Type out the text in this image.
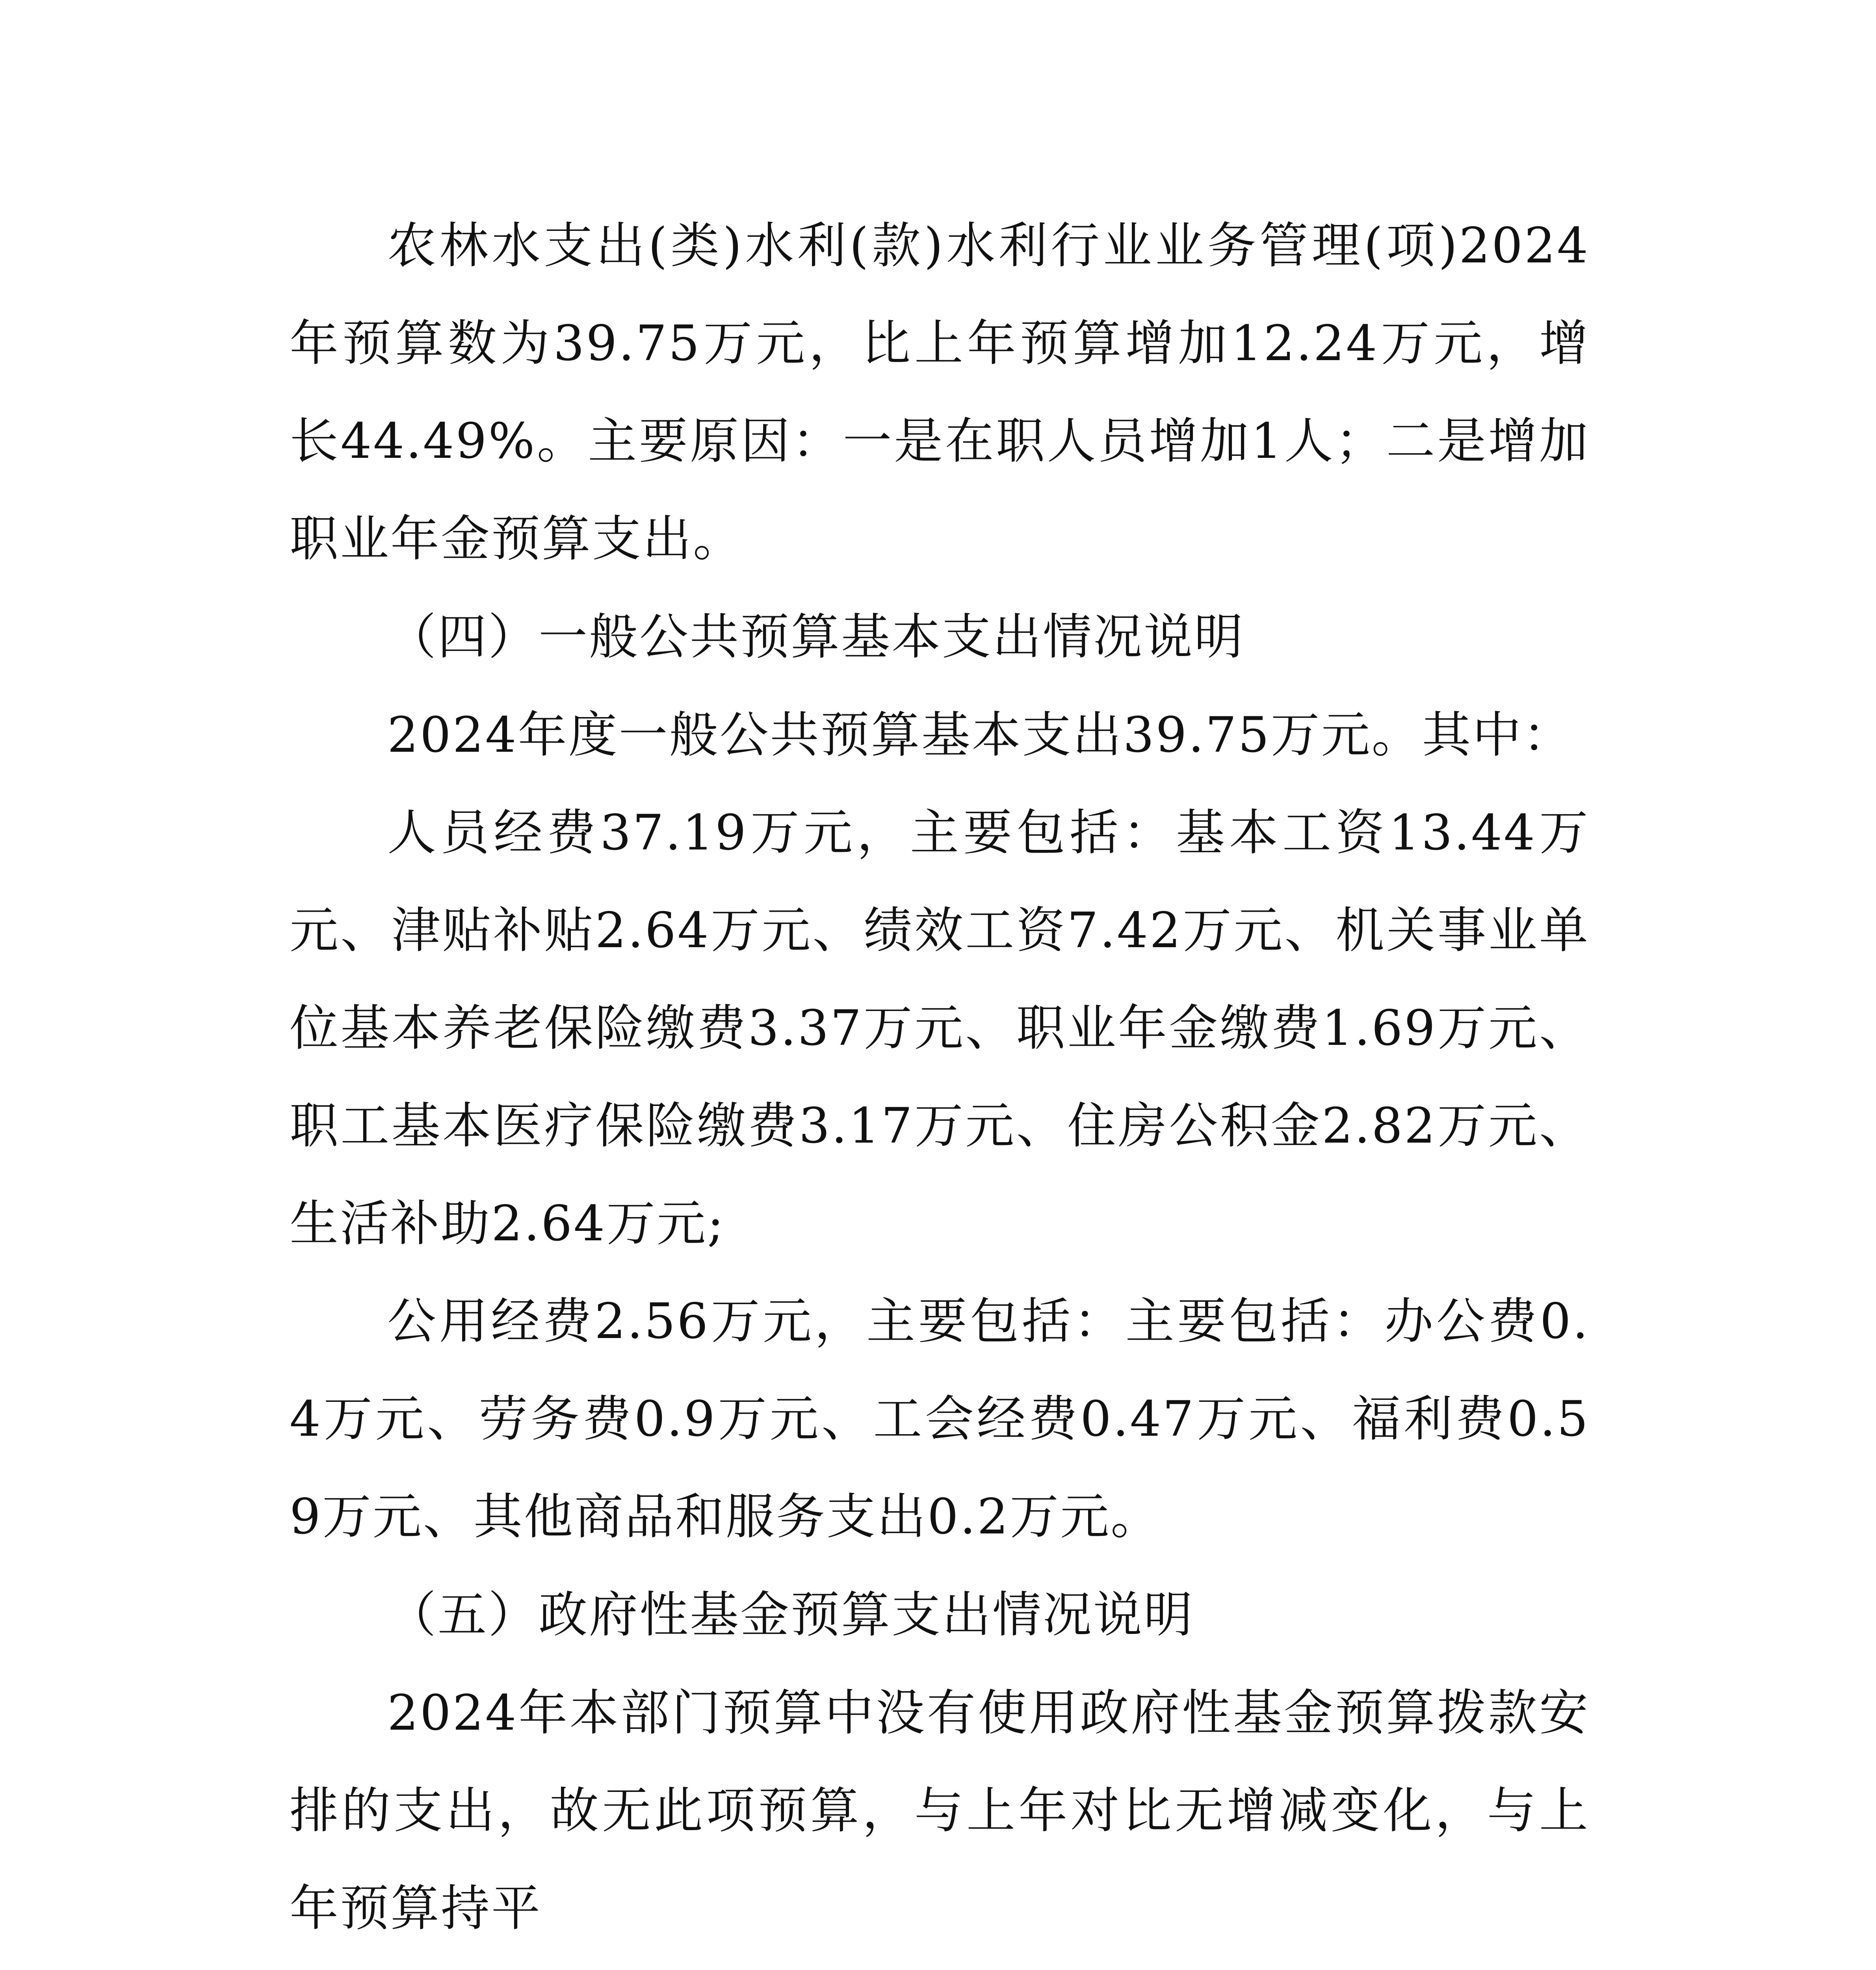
农林水支出(类)水利(款)水利行业业务管理(项)2024年预算数为39.75万元，比上年预算增加12.24万元，增长44.49%。主要原因：一是在职人员增加1人；二是增加职业年金预算支出。

（四）一般公共预算基本支出情况说明

2024年度一般公共预算基本支出39.75万元。其中：

人员经费37.19万元，主要包括：基本工资13.44万元、津贴补贴2.64万元、绩效工资7.42万元、机关事业单位基本养老保险缴费3.37万元、职业年金缴费1.69万元、职工基本医疗保险缴费3.17万元、住房公积金2.82万元、生活补助2.64万元;

公用经费2.56万元，主要包括：主要包括：办公费0.4万元、劳务费0.9万元、工会经费0.47万元、福利费0.59万元、其他商品和服务支出0.2万元。

（五）政府性基金预算支出情况说明

2024年本部门预算中没有使用政府性基金预算拨款安排的支出，故无此项预算，与上年对比无增减变化，与上年预算持平
